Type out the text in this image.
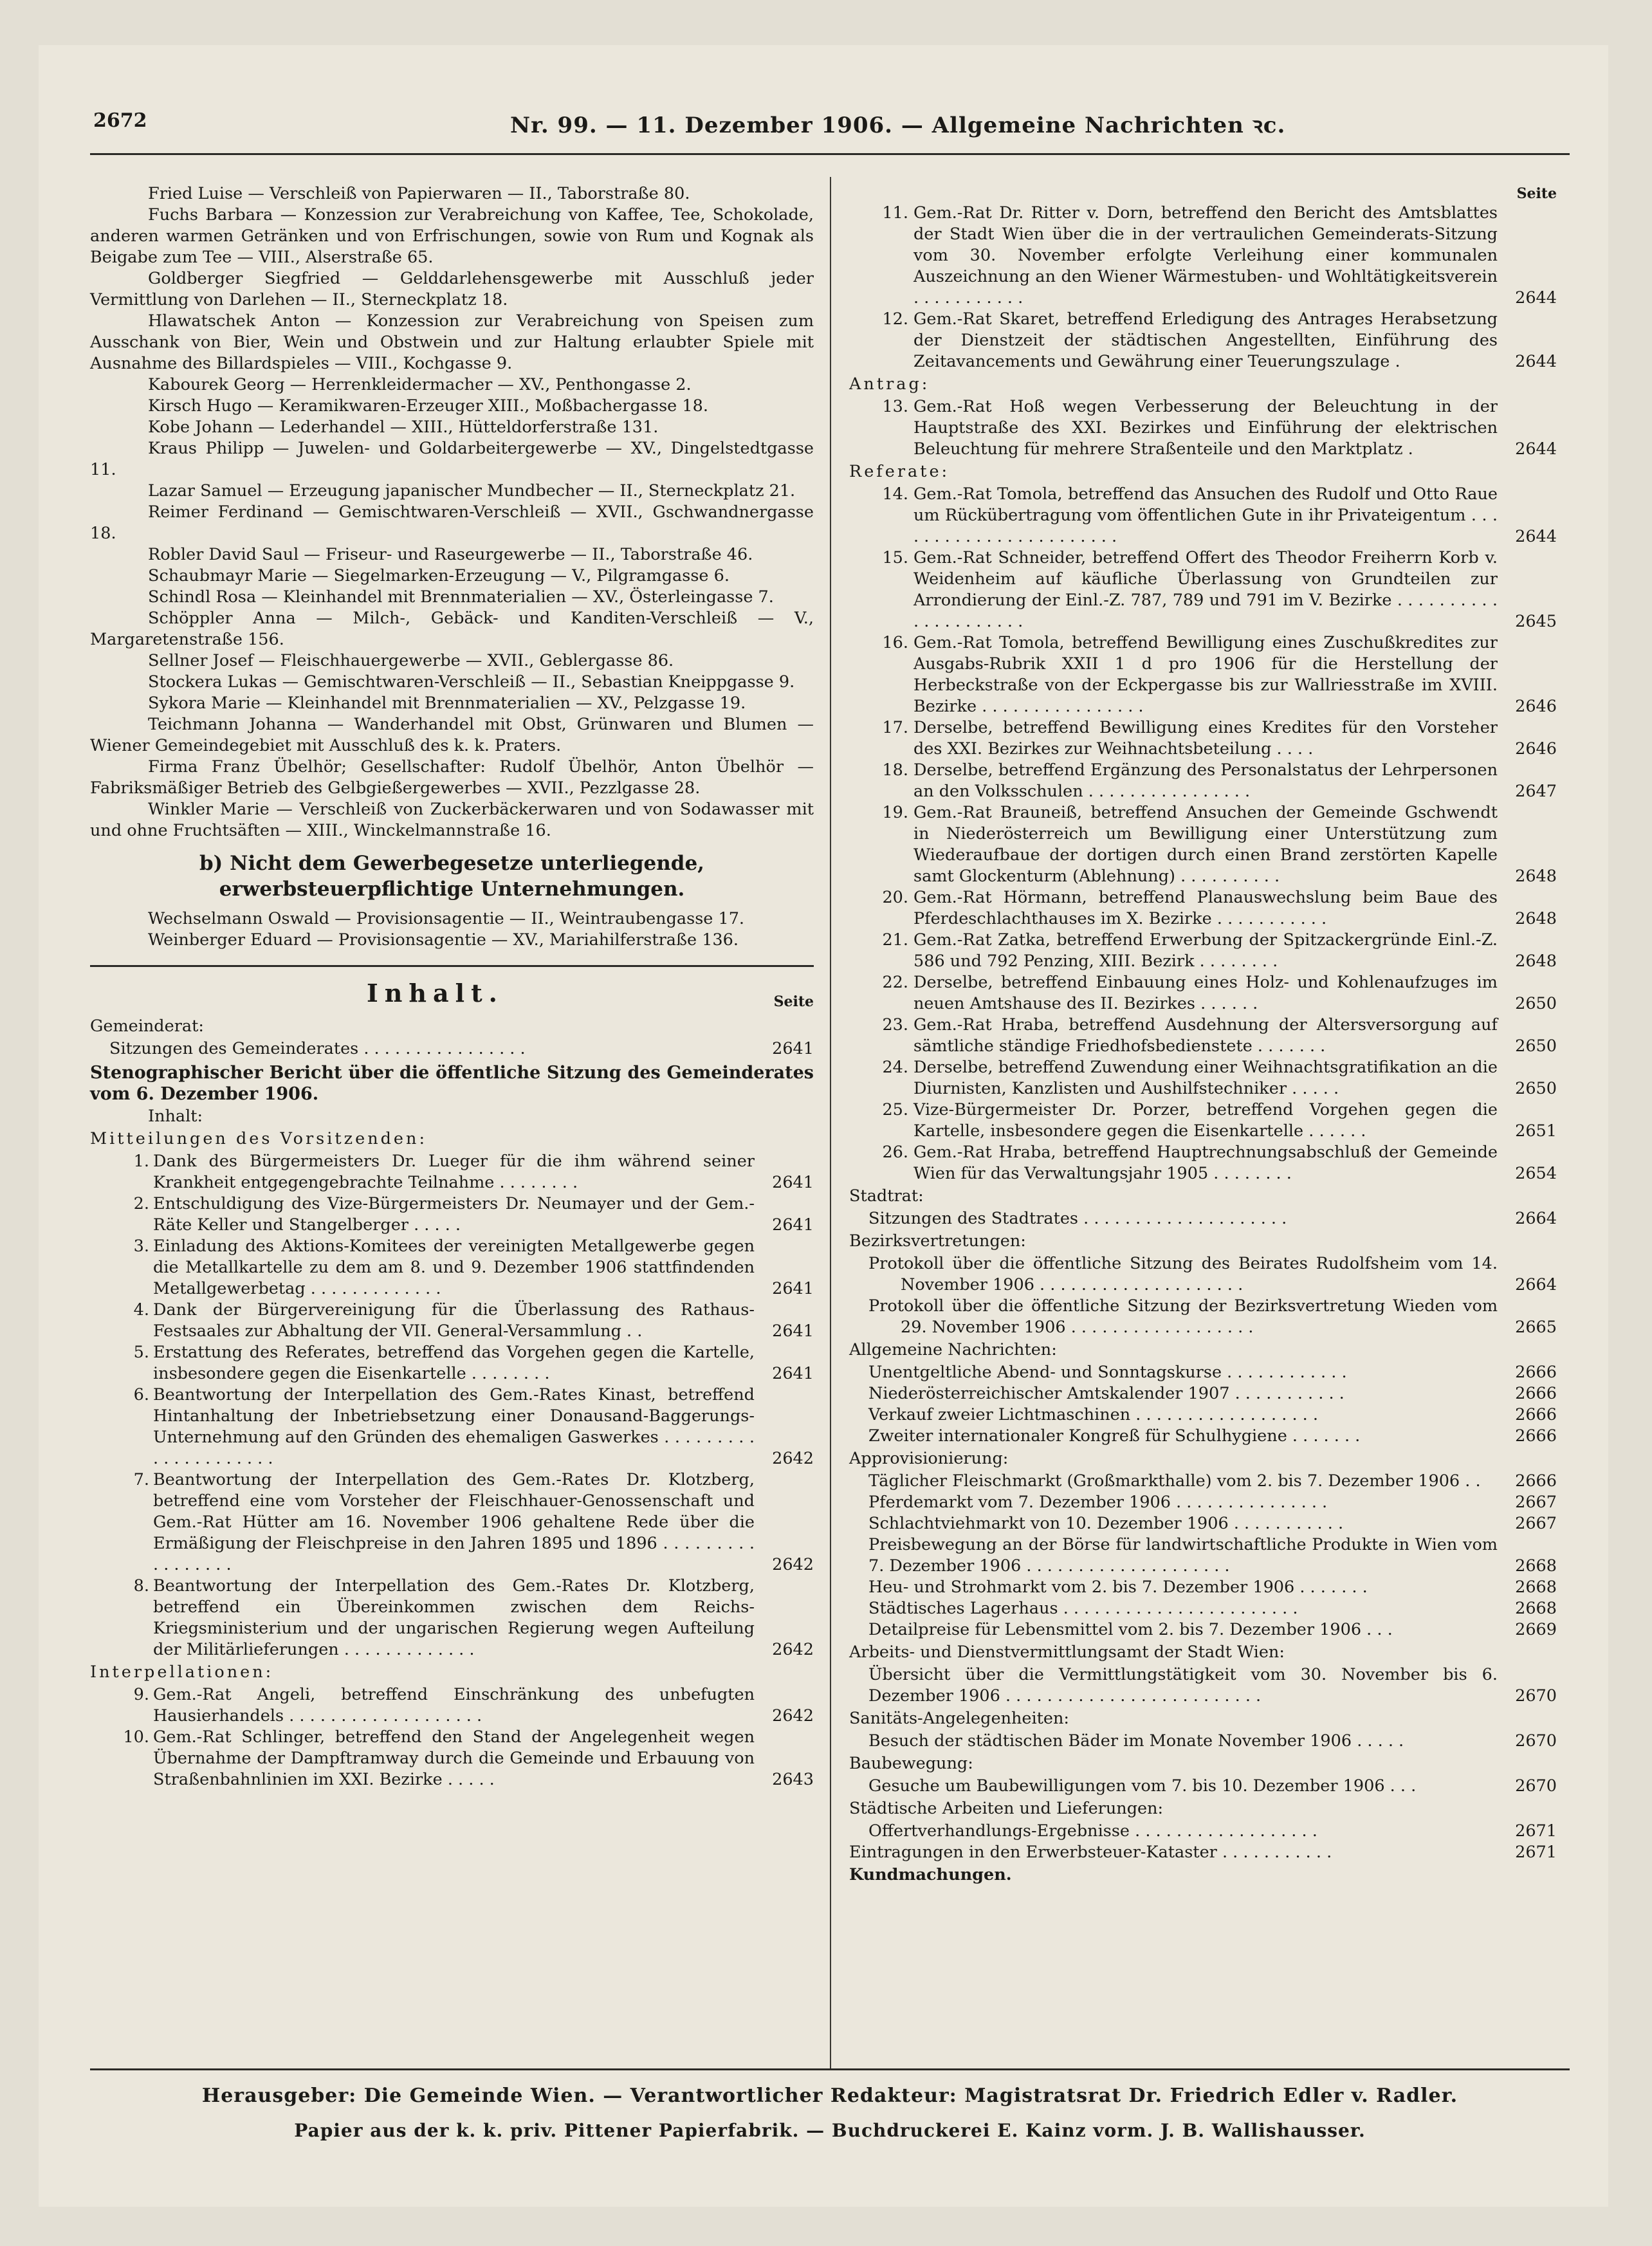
2672	Nr. 99. — 11. Dezember 1906. — Allgemeine Nachrichten ꝛc.

Fried Luise — Verschleiß von Papierwaren — II., Taborstraße 80.

Fuchs Barbara — Konzession zur Verabreichung von Kaffee, Tee, Schokolade, anderen warmen Getränken und von Erfrischungen, sowie von Rum und Kognak als Beigabe zum Tee — VIII., Alserstraße 65.

Goldberger Siegfried — Gelddarlehensgewerbe mit Ausschluß jeder Vermittlung von Darlehen — II., Sterneckplatz 18.

Hlawatschek Anton — Konzession zur Verabreichung von Speisen zum Ausschank von Bier, Wein und Obstwein und zur Haltung erlaubter Spiele mit Ausnahme des Billardspieles — VIII., Kochgasse 9.

Kabourek Georg — Herrenkleidermacher — XV., Penthongasse 2.

Kirsch Hugo — Keramikwaren-Erzeuger XIII., Moßbachergasse 18.

Kobe Johann — Lederhandel — XIII., Hütteldorferstraße 131.

Kraus Philipp — Juwelen- und Goldarbeitergewerbe — XV., Dingelstedtgasse 11.

Lazar Samuel — Erzeugung japanischer Mundbecher — II., Sterneckplatz 21.

Reimer Ferdinand — Gemischtwaren-Verschleiß — XVII., Gschwandnergasse 18.

Robler David Saul — Friseur- und Raseurgewerbe — II., Taborstraße 46.

Schaubmayr Marie — Siegelmarken-Erzeugung — V., Pilgramgasse 6.

Schindl Rosa — Kleinhandel mit Brennmaterialien — XV., Österleingasse 7.

Schöppler Anna — Milch-, Gebäck- und Kanditen-Verschleiß — V., Margaretenstraße 156.

Sellner Josef — Fleischhauergewerbe — XVII., Geblergasse 86.

Stockera Lukas — Gemischtwaren-Verschleiß — II., Sebastian Kneippgasse 9.

Sykora Marie — Kleinhandel mit Brennmaterialien — XV., Pelzgasse 19.

Teichmann Johanna — Wanderhandel mit Obst, Grünwaren und Blumen — Wiener Gemeindegebiet mit Ausschluß des k. k. Praters.

Firma Franz Übelhör; Gesellschafter: Rudolf Übelhör, Anton Übelhör — Fabriksmäßiger Betrieb des Gelbgießergewerbes — XVII., Pezzlgasse 28.

Winkler Marie — Verschleiß von Zuckerbäckerwaren und von Sodawasser mit und ohne Fruchtsäften — XIII., Winckelmannstraße 16.

b) Nicht dem Gewerbegesetze unterliegende, erwerbsteuerpflichtige Unternehmungen.

Wechselmann Oswald — Provisionsagentie — II., Weintraubengasse 17.

Weinberger Eduard — Provisionsagentie — XV., Mariahilferstraße 136.

Inhalt.	Seite
Gemeinderat:
Sitzungen des Gemeinderates . . . . . . . . . . . . . . . .	2641
Stenographischer Bericht über die öffentliche Sitzung des Gemeinderates vom 6. Dezember 1906.
Inhalt:
Mitteilungen des Vorsitzenden:
1. Dank des Bürgermeisters Dr. Lueger für die ihm während seiner Krankheit entgegengebrachte Teilnahme . . . . . . . .	2641
2. Entschuldigung des Vize-Bürgermeisters Dr. Neumayer und der Gem.-Räte Keller und Stangelberger . . . . .	2641
3. Einladung des Aktions-Komitees der vereinigten Metallgewerbe gegen die Metallkartelle zu dem am 8. und 9. Dezember 1906 stattfindenden Metallgewerbetag . . . . . . . . . . . . .	2641
4. Dank der Bürgervereinigung für die Überlassung des Rathaus-Festsaales zur Abhaltung der VII. General-Versammlung . .	2641
5. Erstattung des Referates, betreffend das Vorgehen gegen die Kartelle, insbesondere gegen die Eisenkartelle . . . . . . . .	2641
6. Beantwortung der Interpellation des Gem.-Rates Kinast, betreffend Hintanhaltung der Inbetriebsetzung einer Donausand-Baggerungs-Unternehmung auf den Gründen des ehemaligen Gaswerkes . . . . . . . . . . . . . . . . . . . . .	2642
7. Beantwortung der Interpellation des Gem.-Rates Dr. Klotzberg, betreffend eine vom Vorsteher der Fleischhauer-Genossenschaft und Gem.-Rat Hütter am 16. November 1906 gehaltene Rede über die Ermäßigung der Fleischpreise in den Jahren 1895 und 1896 . . . . . . . . . . . . . . . . .	2642
8. Beantwortung der Interpellation des Gem.-Rates Dr. Klotzberg, betreffend ein Übereinkommen zwischen dem Reichs-Kriegsministerium und der ungarischen Regierung wegen Aufteilung der Militärlieferungen . . . . . . . . . . . . .	2642
Interpellationen:
9. Gem.-Rat Angeli, betreffend Einschränkung des unbefugten Hausierhandels . . . . . . . . . . . . . . . . . . .	2642
10. Gem.-Rat Schlinger, betreffend den Stand der Angelegenheit wegen Übernahme der Dampftramway durch die Gemeinde und Erbauung von Straßenbahnlinien im XXI. Bezirke . . . . .	2643
Seite
11. Gem.-Rat Dr. Ritter v. Dorn, betreffend den Bericht des Amtsblattes der Stadt Wien über die in der vertraulichen Gemeinderats-Sitzung vom 30. November erfolgte Verleihung einer kommunalen Auszeichnung an den Wiener Wärmestuben- und Wohltätigkeitsverein . . . . . . . . . . .	2644
12. Gem.-Rat Skaret, betreffend Erledigung des Antrages Herabsetzung der Dienstzeit der städtischen Angestellten, Einführung des Zeitavancements und Gewährung einer Teuerungszulage .	2644
Antrag:
13. Gem.-Rat Hoß wegen Verbesserung der Beleuchtung in der Hauptstraße des XXI. Bezirkes und Einführung der elektrischen Beleuchtung für mehrere Straßenteile und den Marktplatz .	2644
Referate:
14. Gem.-Rat Tomola, betreffend das Ansuchen des Rudolf und Otto Raue um Rückübertragung vom öffentlichen Gute in ihr Privateigentum . . . . . . . . . . . . . . . . . . . . . . .	2644
15. Gem.-Rat Schneider, betreffend Offert des Theodor Freiherrn Korb v. Weidenheim auf käufliche Überlassung von Grundteilen zur Arrondierung der Einl.-Z. 787, 789 und 791 im V. Bezirke . . . . . . . . . . . . . . . . . . . . .	2645
16. Gem.-Rat Tomola, betreffend Bewilligung eines Zuschußkredites zur Ausgabs-Rubrik XXII 1 d pro 1906 für die Herstellung der Herbeckstraße von der Eckpergasse bis zur Wallriesstraße im XVIII. Bezirke . . . . . . . . . . . . . . . .	2646
17. Derselbe, betreffend Bewilligung eines Kredites für den Vorsteher des XXI. Bezirkes zur Weihnachtsbeteilung . . . .	2646
18. Derselbe, betreffend Ergänzung des Personalstatus der Lehrpersonen an den Volksschulen . . . . . . . . . . . . . . . .	2647
19. Gem.-Rat Brauneiß, betreffend Ansuchen der Gemeinde Gschwendt in Niederösterreich um Bewilligung einer Unterstützung zum Wiederaufbaue der dortigen durch einen Brand zerstörten Kapelle samt Glockenturm (Ablehnung) . . . . . . . . . .	2648
20. Gem.-Rat Hörmann, betreffend Planauswechslung beim Baue des Pferdeschlachthauses im X. Bezirke . . . . . . . . . . .	2648
21. Gem.-Rat Zatka, betreffend Erwerbung der Spitzackergründe Einl.-Z. 586 und 792 Penzing, XIII. Bezirk . . . . . . . .	2648
22. Derselbe, betreffend Einbauung eines Holz- und Kohlenaufzuges im neuen Amtshause des II. Bezirkes . . . . . .	2650
23. Gem.-Rat Hraba, betreffend Ausdehnung der Altersversorgung auf sämtliche ständige Friedhofsbedienstete . . . . . . .	2650
24. Derselbe, betreffend Zuwendung einer Weihnachtsgratifikation an die Diurnisten, Kanzlisten und Aushilfstechniker . . . . .	2650
25. Vize-Bürgermeister Dr. Porzer, betreffend Vorgehen gegen die Kartelle, insbesondere gegen die Eisenkartelle . . . . . .	2651
26. Gem.-Rat Hraba, betreffend Hauptrechnungsabschluß der Gemeinde Wien für das Verwaltungsjahr 1905 . . . . . . . .	2654
Stadtrat:
Sitzungen des Stadtrates . . . . . . . . . . . . . . . . . . . .	2664
Bezirksvertretungen:
Protokoll über die öffentliche Sitzung des Beirates Rudolfsheim vom 14. November 1906 . . . . . . . . . . . . . . . . . . . .	2664
Protokoll über die öffentliche Sitzung der Bezirksvertretung Wieden vom 29. November 1906 . . . . . . . . . . . . . . . . . .	2665
Allgemeine Nachrichten:
Unentgeltliche Abend- und Sonntagskurse . . . . . . . . . . . .	2666
Niederösterreichischer Amtskalender 1907 . . . . . . . . . . .	2666
Verkauf zweier Lichtmaschinen . . . . . . . . . . . . . . . . . .	2666
Zweiter internationaler Kongreß für Schulhygiene . . . . . . .	2666
Approvisionierung:
Täglicher Fleischmarkt (Großmarkthalle) vom 2. bis 7. Dezember 1906 . .	2666
Pferdemarkt vom 7. Dezember 1906 . . . . . . . . . . . . . . .	2667
Schlachtviehmarkt von 10. Dezember 1906 . . . . . . . . . . .	2667
Preisbewegung an der Börse für landwirtschaftliche Produkte in Wien vom 7. Dezember 1906 . . . . . . . . . . . . . . . . . . . .	2668
Heu- und Strohmarkt vom 2. bis 7. Dezember 1906 . . . . . . .	2668
Städtisches Lagerhaus . . . . . . . . . . . . . . . . . . . . . . .	2668
Detailpreise für Lebensmittel vom 2. bis 7. Dezember 1906 . . .	2669
Arbeits- und Dienstvermittlungsamt der Stadt Wien:
Übersicht über die Vermittlungstätigkeit vom 30. November bis 6. Dezember 1906 . . . . . . . . . . . . . . . . . . . . . . . . .	2670
Sanitäts-Angelegenheiten:
Besuch der städtischen Bäder im Monate November 1906 . . . . .	2670
Baubewegung:
Gesuche um Baubewilligungen vom 7. bis 10. Dezember 1906 . . .	2670
Städtische Arbeiten und Lieferungen:
Offertverhandlungs-Ergebnisse . . . . . . . . . . . . . . . . . .	2671
Eintragungen in den Erwerbsteuer-Kataster . . . . . . . . . . .	2671
Kundmachungen.
Herausgeber: Die Gemeinde Wien. — Verantwortlicher Redakteur: Magistratsrat Dr. Friedrich Edler v. Radler.
Papier aus der k. k. priv. Pittener Papierfabrik. — Buchdruckerei E. Kainz vorm. J. B. Wallishausser.
